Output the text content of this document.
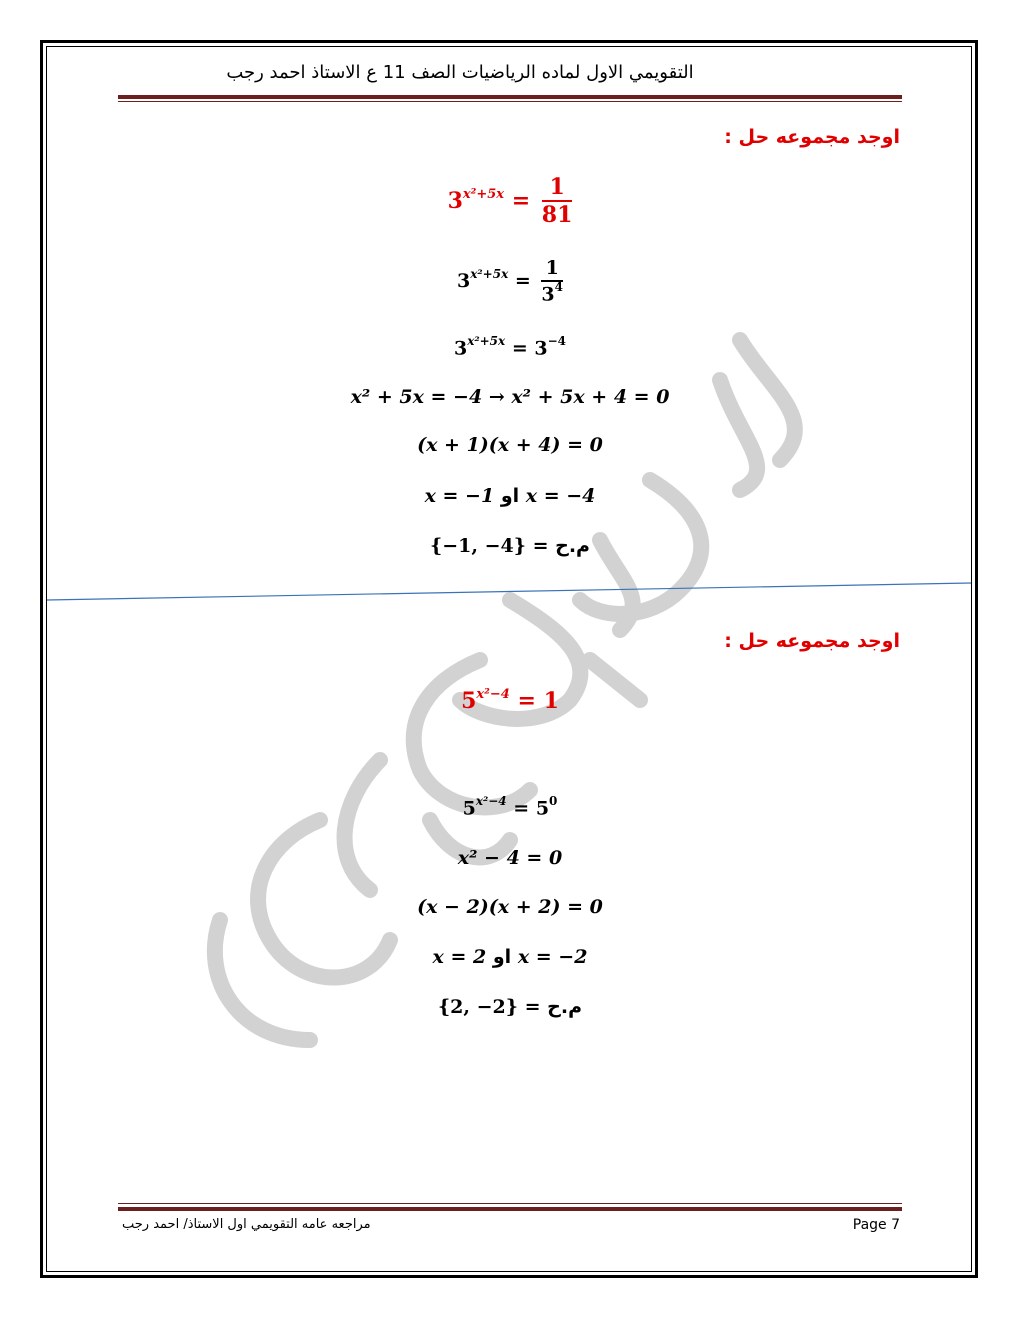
الاستاذ/ احمد رجب
التقويمي الاول لماده الرياضيات الصف 11 ع الاستاذ احمد رجب
اوجد مجموعه حل :
$3^{x^2+5x} = \frac{1}{81}$
$3^{x^2+5x} = \frac{1}{3^4}$
$3^{x^2+5x} = 3^{-4}$
x² + 5x = −4 → x² + 5x + 4 = 0
(x + 1)(x + 4) = 0
x = −1 او x = −4
{−1, −4} = م.ح
اوجد مجموعه حل :
$5^{x^2-4} = 1$
$5^{x^2-4} = 5^0$
x² − 4 = 0
(x − 2)(x + 2) = 0
x = 2 او x = −2
{2, −2} = م.ح
مراجعه عامه التقويمي اول الاستاذ/ احمد رجب	Page 7
